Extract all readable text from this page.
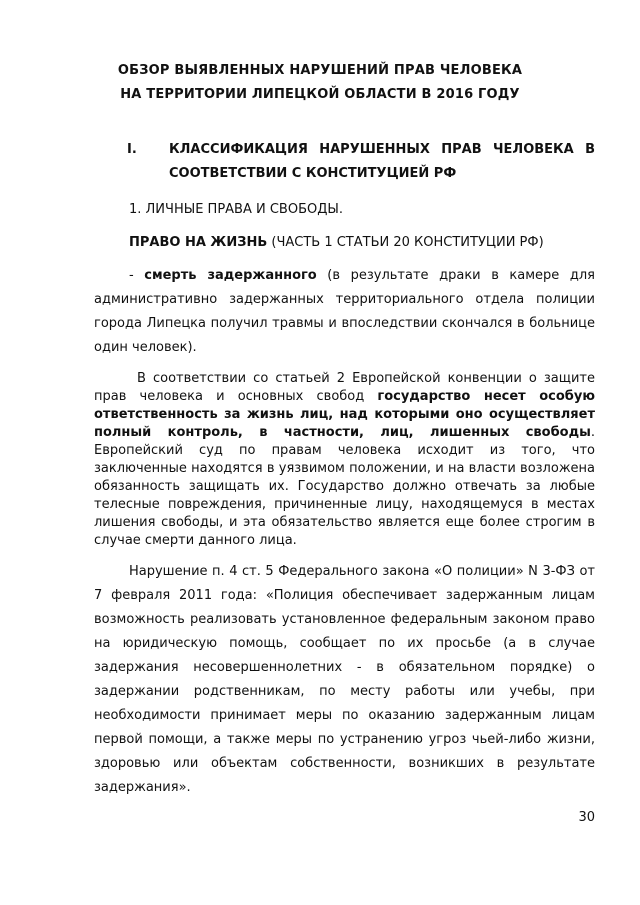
ОБЗОР ВЫЯВЛЕННЫХ НАРУШЕНИЙ ПРАВ ЧЕЛОВЕКА
НА ТЕРРИТОРИИ ЛИПЕЦКОЙ ОБЛАСТИ В 2016 ГОДУ
I. КЛАССИФИКАЦИЯ НАРУШЕННЫХ ПРАВ ЧЕЛОВЕКА В
СООТВЕТСТВИИ С КОНСТИТУЦИЕЙ РФ
1. ЛИЧНЫЕ ПРАВА И СВОБОДЫ.
ПРАВО НА ЖИЗНЬ (ЧАСТЬ 1 СТАТЬИ 20 КОНСТИТУЦИИ РФ)
- смерть задержанного (в результате драки в камере для административно задержанных территориального отдела полиции города Липецка получил травмы и впоследствии скончался в больнице один человек).
В соответствии со статьей 2 Европейской конвенции о защите прав человека и основных свобод государство несет особую ответственность за жизнь лиц, над которыми оно осуществляет полный контроль, в частности, лиц, лишенных свободы. Европейский суд по правам человека исходит из того, что заключенные находятся в уязвимом положении, и на власти возложена обязанность защищать их. Государство должно отвечать за любые телесные повреждения, причиненные лицу, находящемуся в местах лишения свободы, и эта обязательство является еще более строгим в случае смерти данного лица.
Нарушение п. 4 ст. 5 Федерального закона «О полиции» N 3-ФЗ от 7 февраля 2011 года: «Полиция обеспечивает задержанным лицам возможность реализовать установленное федеральным законом право на юридическую помощь, сообщает по их просьбе (а в случае задержания несовершеннолетних - в обязательном порядке) о задержании родственникам, по месту работы или учебы, при необходимости принимает меры по оказанию задержанным лицам первой помощи, а также меры по устранению угроз чьей-либо жизни, здоровью или объектам собственности, возникших в результате задержания».
30
